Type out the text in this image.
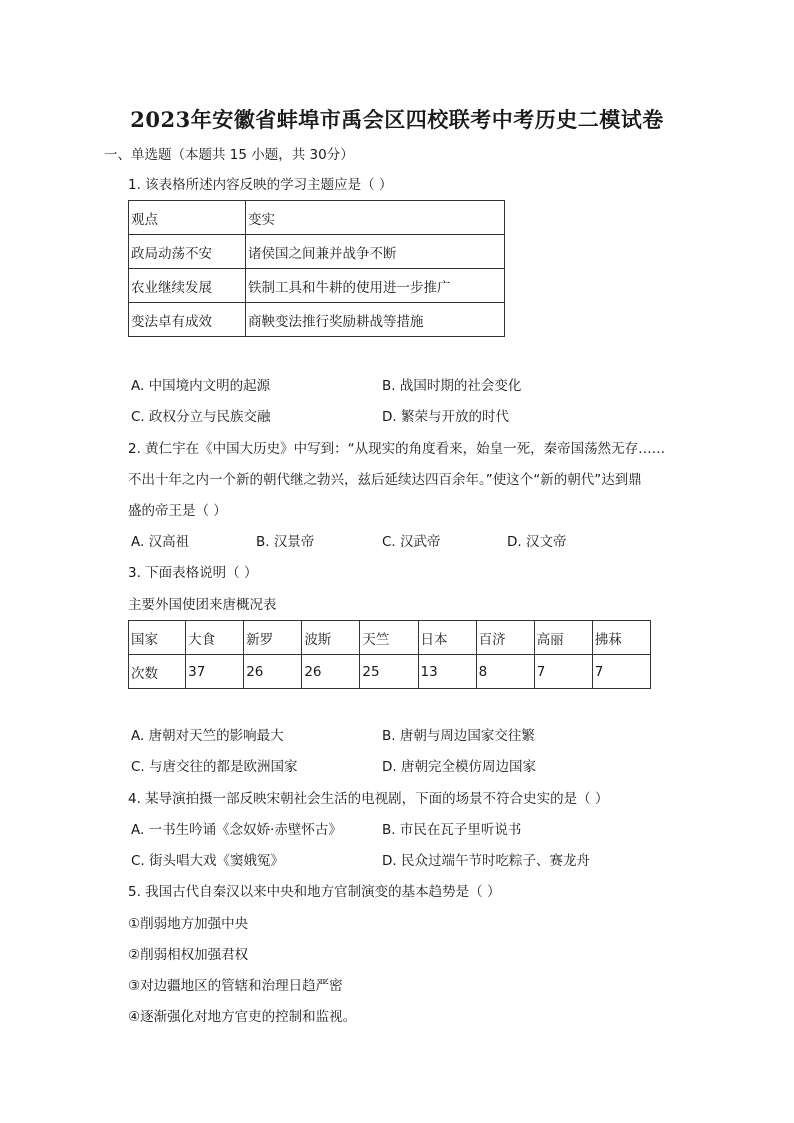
2023年安徽省蚌埠市禹会区四校联考中考历史二模试卷
一、单选题（本题共 15 小题，共 30分）
1. 该表格所述内容反映的学习主题应是（ ）
观点	变实
政局动荡不安	诸侯国之间兼并战争不断
农业继续发展	铁制工具和牛耕的使用进一步推广
变法卓有成效	商鞅变法推行奖励耕战等措施
A. 中国境内文明的起源	B. 战国时期的社会变化
C. 政权分立与民族交融	D. 繁荣与开放的时代
2. 黄仁宇在《中国大历史》中写到：“从现实的角度看来，始皇一死，秦帝国荡然无存……
不出十年之内一个新的朝代继之勃兴，兹后延续达四百余年。”使这个“新的朝代”达到鼎
盛的帝王是（ ）
A. 汉高祖	B. 汉景帝	C. 汉武帝	D. 汉文帝
3. 下面表格说明（ ）
主要外国使团来唐概况表
国家	大食	新罗	波斯	天竺	日本	百济	高丽	拂菻
次数	37	26	26	25	13	8	7	7
A. 唐朝对天竺的影响最大	B. 唐朝与周边国家交往繁
C. 与唐交往的都是欧洲国家	D. 唐朝完全模仿周边国家
4. 某导演拍摄一部反映宋朝社会生活的电视剧，下面的场景不符合史实的是（ ）
A. 一书生吟诵《念奴娇·赤壁怀古》	B. 市民在瓦子里听说书
C. 街头唱大戏《窦娥冤》	D. 民众过端午节时吃粽子、赛龙舟
5. 我国古代自秦汉以来中央和地方官制演变的基本趋势是（ ）
①削弱地方加强中央
②削弱相权加强君权
③对边疆地区的管辖和治理日趋严密
④逐渐强化对地方官吏的控制和监视。
